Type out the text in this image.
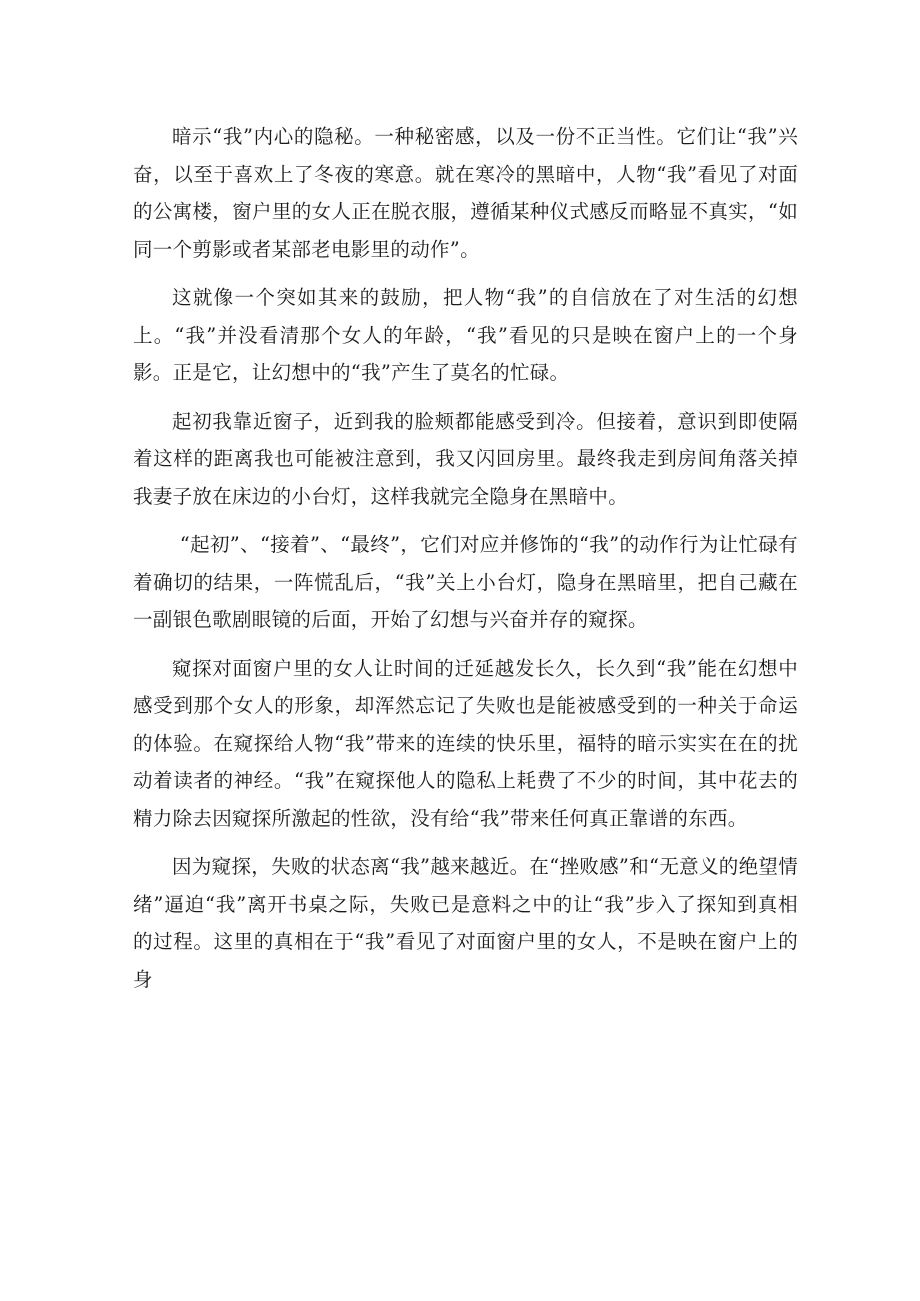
暗示“我”内心的隐秘。一种秘密感，以及一份不正当性。它们让“我”兴奋，以至于喜欢上了冬夜的寒意。就在寒冷的黑暗中，人物“我”看见了对面的公寓楼，窗户里的女人正在脱衣服，遵循某种仪式感反而略显不真实，“如同一个剪影或者某部老电影里的动作”。

这就像一个突如其来的鼓励，把人物“我”的自信放在了对生活的幻想上。“我”并没看清那个女人的年龄，“我”看见的只是映在窗户上的一个身影。正是它，让幻想中的“我”产生了莫名的忙碌。

起初我靠近窗子，近到我的脸颊都能感受到冷。但接着，意识到即使隔着这样的距离我也可能被注意到，我又闪回房里。最终我走到房间角落关掉我妻子放在床边的小台灯，这样我就完全隐身在黑暗中。

“起初”、“接着”、“最终”，它们对应并修饰的“我”的动作行为让忙碌有着确切的结果，一阵慌乱后，“我”关上小台灯，隐身在黑暗里，把自己藏在一副银色歌剧眼镜的后面，开始了幻想与兴奋并存的窥探。

窥探对面窗户里的女人让时间的迁延越发长久，长久到“我”能在幻想中感受到那个女人的形象，却浑然忘记了失败也是能被感受到的一种关于命运的体验。在窥探给人物“我”带来的连续的快乐里，福特的暗示实实在在的扰动着读者的神经。“我”在窥探他人的隐私上耗费了不少的时间，其中花去的精力除去因窥探所激起的性欲，没有给“我”带来任何真正靠谱的东西。

因为窥探，失败的状态离“我”越来越近。在“挫败感”和“无意义的绝望情绪”逼迫“我”离开书桌之际，失败已是意料之中的让“我”步入了探知到真相的过程。这里的真相在于“我”看见了对面窗户里的女人，不是映在窗户上的身
